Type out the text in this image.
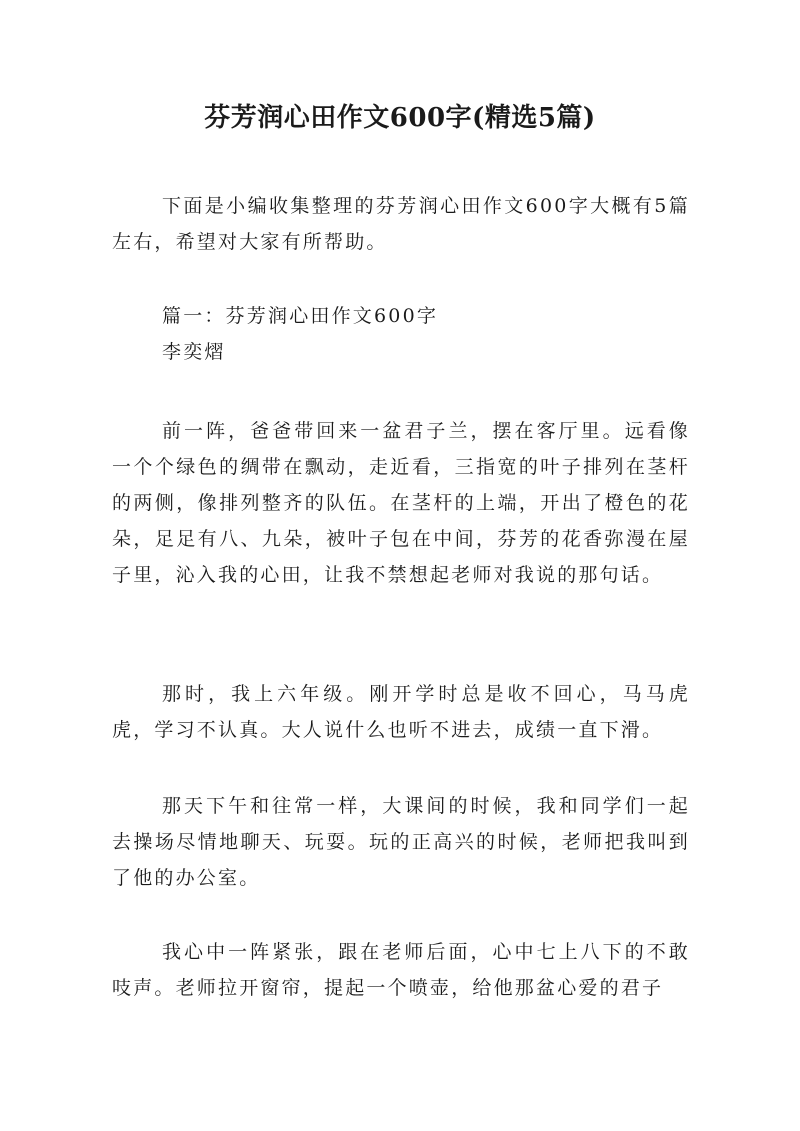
芬芳润心田作文600字(精选5篇)
下面是小编收集整理的芬芳润心田作文600字大概有5篇左右，希望对大家有所帮助。
篇一：芬芳润心田作文600字
李奕熠
前一阵，爸爸带回来一盆君子兰，摆在客厅里。远看像一个个绿色的绸带在飘动，走近看，三指宽的叶子排列在茎杆的两侧，像排列整齐的队伍。在茎杆的上端，开出了橙色的花朵，足足有八、九朵，被叶子包在中间，芬芳的花香弥漫在屋子里，沁入我的心田，让我不禁想起老师对我说的那句话。
那时，我上六年级。刚开学时总是收不回心，马马虎虎，学习不认真。大人说什么也听不进去，成绩一直下滑。
那天下午和往常一样，大课间的时候，我和同学们一起去操场尽情地聊天、玩耍。玩的正高兴的时候，老师把我叫到了他的办公室。
我心中一阵紧张，跟在老师后面，心中七上八下的不敢吱声。老师拉开窗帘，提起一个喷壶，给他那盆心爱的君子
